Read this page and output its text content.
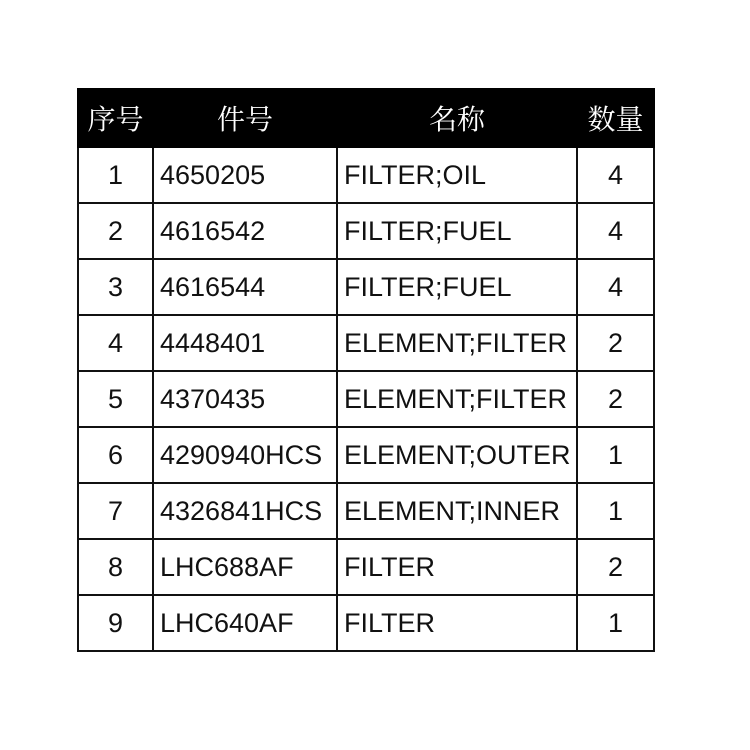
序号	件号	名称	数量
1	4650205	FILTER;OIL	4
2	4616542	FILTER;FUEL	4
3	4616544	FILTER;FUEL	4
4	4448401	ELEMENT;FILTER	2
5	4370435	ELEMENT;FILTER	2
6	4290940HCS	ELEMENT;OUTER	1
7	4326841HCS	ELEMENT;INNER	1
8	LHC688AF	FILTER	2
9	LHC640AF	FILTER	1
